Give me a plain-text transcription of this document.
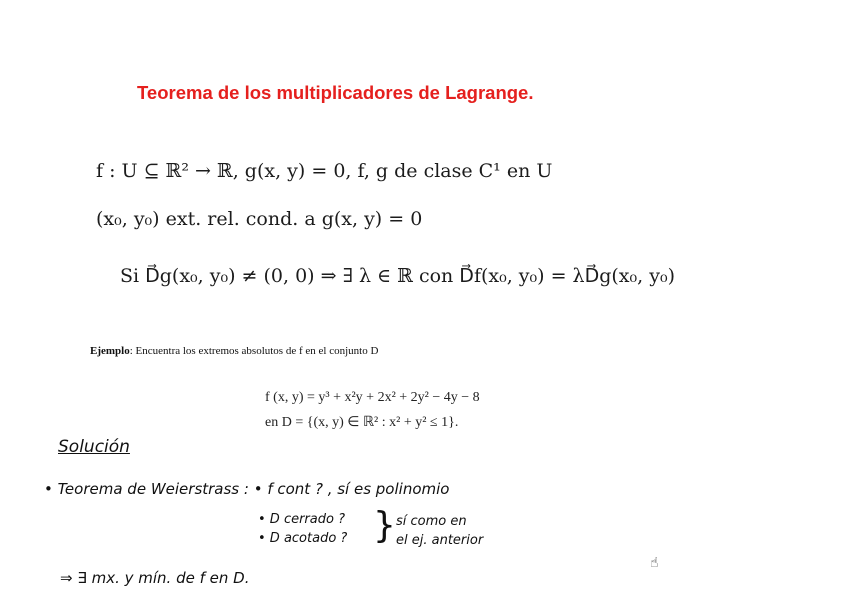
Teorema de los multiplicadores de Lagrange.
f : U ⊆ ℝ² → ℝ, g(x, y) = 0, f, g de clase C¹ en U
(x₀, y₀) ext. rel. cond. a g(x, y) = 0
Si D⃗g(x₀, y₀) ≠ (0, 0) ⇒ ∃ λ ∈ ℝ con D⃗f(x₀, y₀) = λD⃗g(x₀, y₀)
Ejemplo: Encuentra los extremos absolutos de f en el conjunto D
f (x, y) = y³ + x²y + 2x² + 2y² − 4y − 8
en D = {(x, y) ∈ ℝ² : x² + y² ≤ 1}.
Solución
• Teorema de Weierstrass : • f cont ? , sí es polinomio
• D cerrado ?
• D acotado ? } sí como en
el ej. anterior
⇒ ∃ mx. y mín. de f en D.
☝
